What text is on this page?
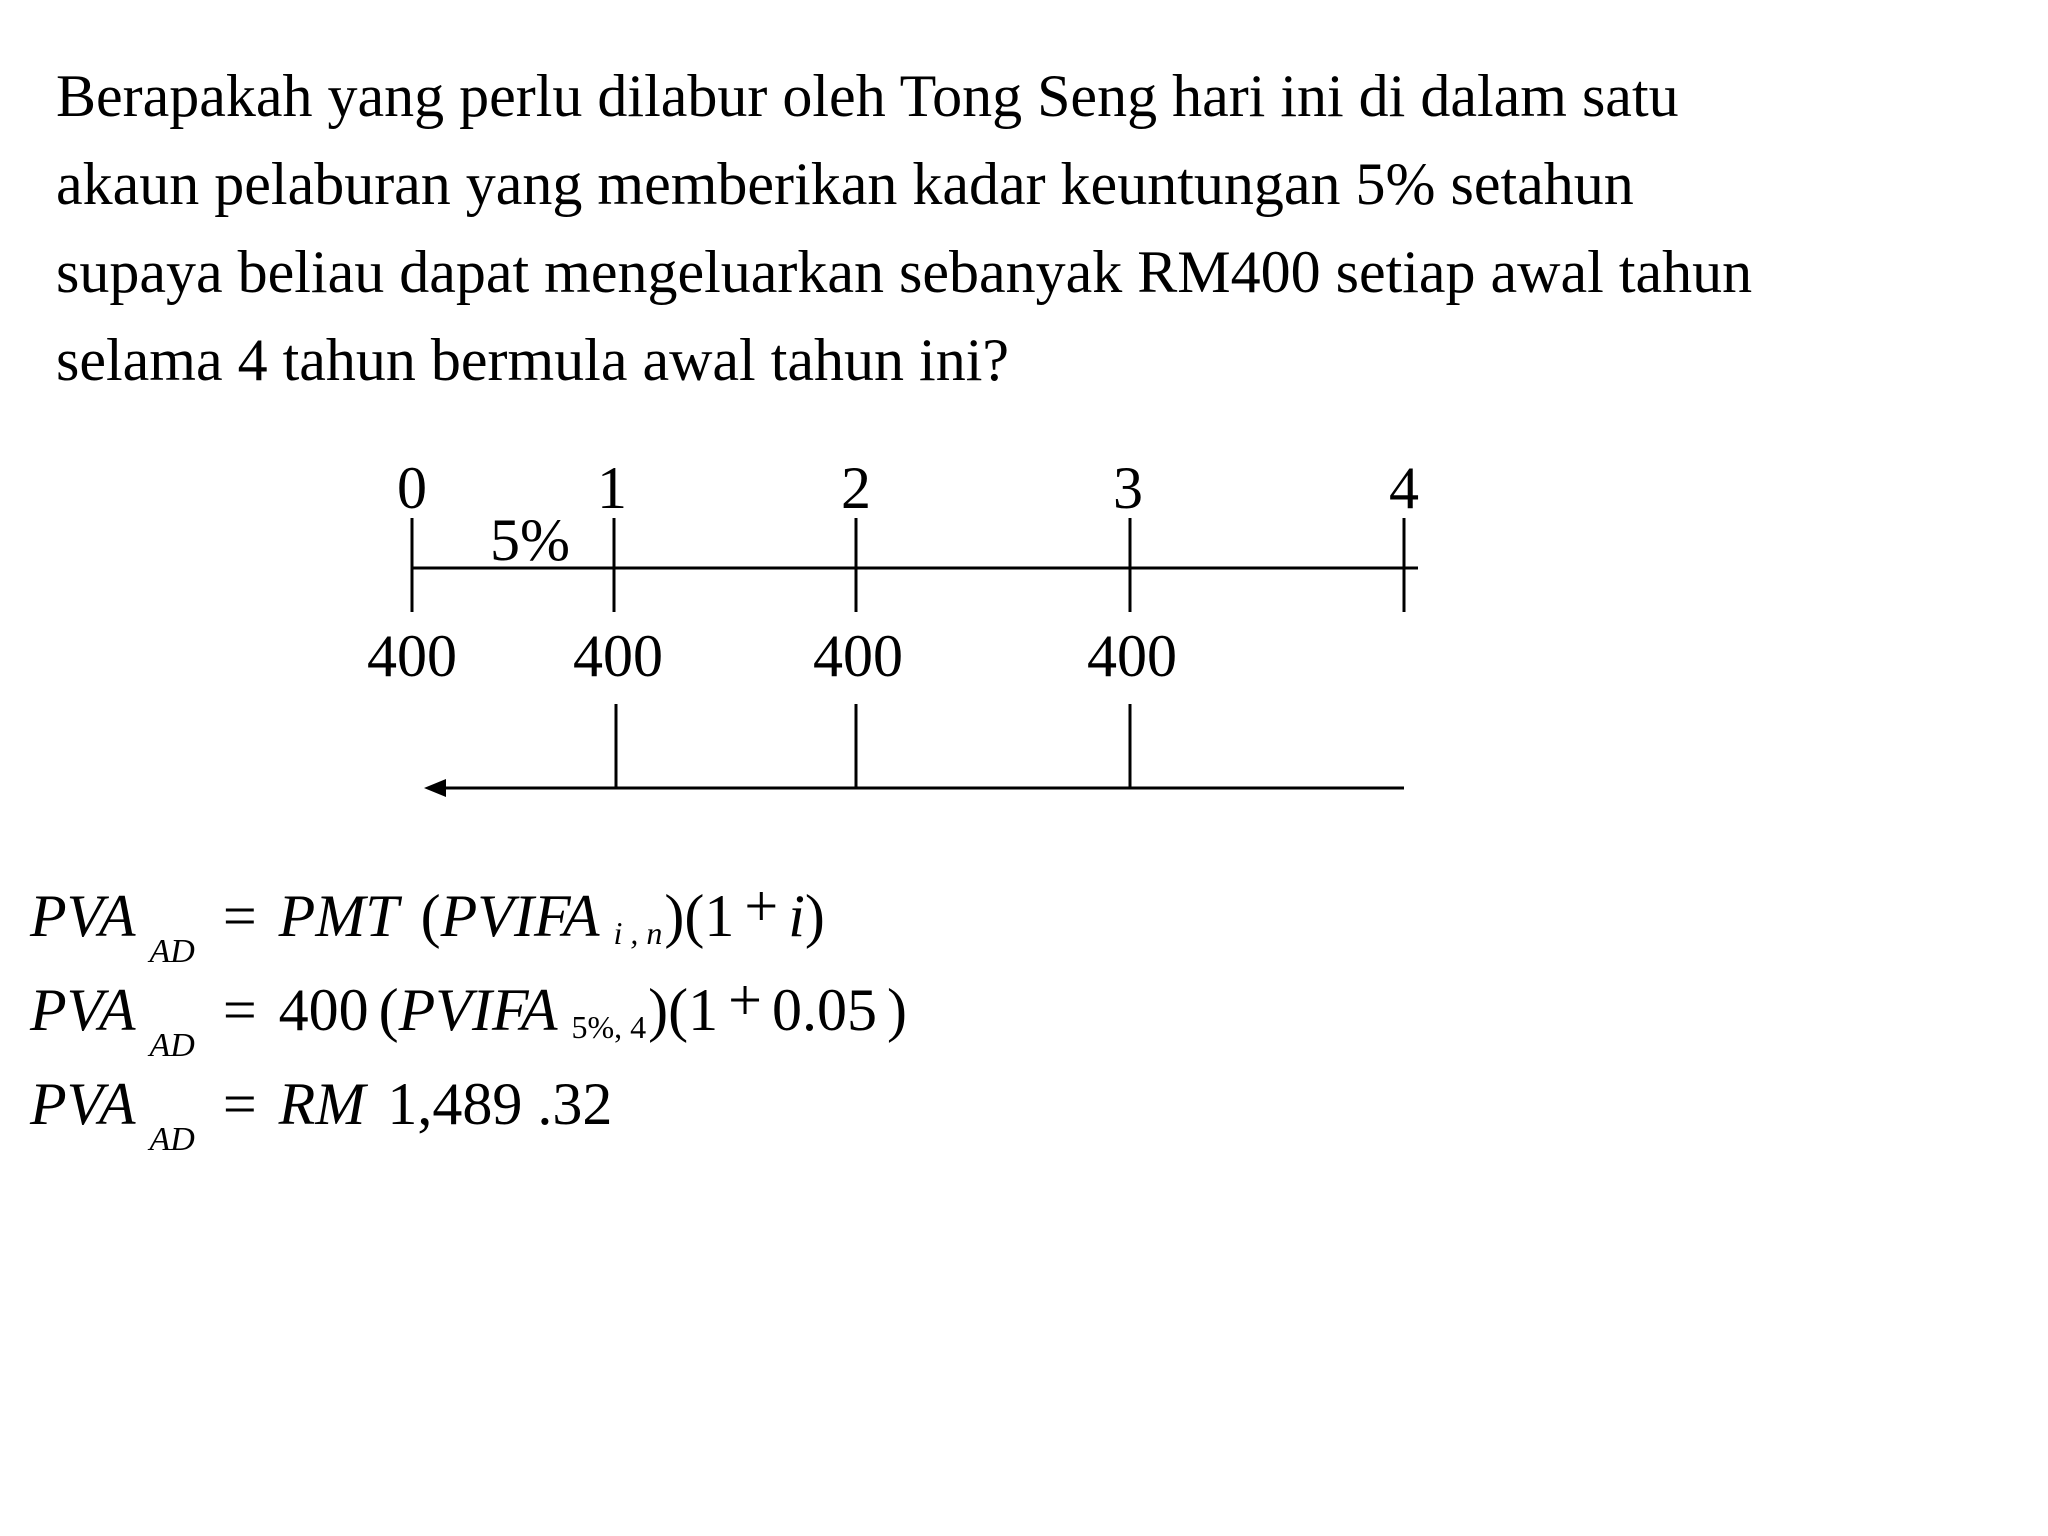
Berapakah yang perlu dilabur oleh Tong Seng hari ini di dalam satu
akaun pelaburan yang memberikan kadar keuntungan 5% setahun
supaya beliau dapat mengeluarkan sebanyak RM400 setiap awal tahun
selama 4 tahun bermula awal tahun ini?
0	1	2	3	4
5%
400 400	400	400
$PVA_{AD}=$ PMT (PVIFA i , n)(1 + i)
$PVA_{AD}= 400$ (PVIFA 5%, 4)(1 + 0.05 )
$PVA_{AD}=$ RM 1,489 .32
